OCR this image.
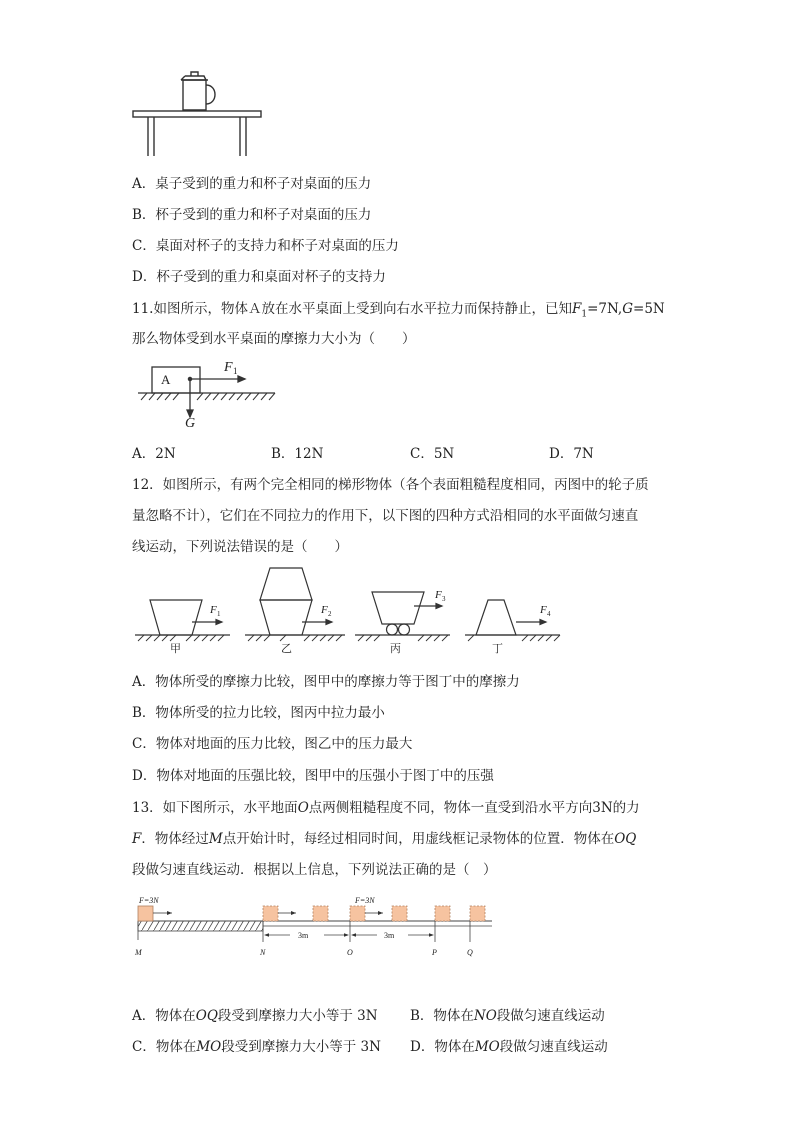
A．桌子受到的重力和杯子对桌面的压力
B．杯子受到的重力和杯子对桌面的压力
C．桌面对杯子的支持力和杯子对桌面的压力
D．杯子受到的重力和桌面对杯子的支持力
11.如图所示，物体Ａ放在水平桌面上受到向右水平拉力而保持静止，已知$F_1=7N,G=5N$
那么物体受到水平桌面的摩擦力大小为（　　）
A
F 1
G
A．2N	B．12N	C．5N	D．7N
12．如图所示，有两个完全相同的梯形物体（各个表面粗糙程度相同，丙图中的轮子质
量忽略不计），它们在不同拉力的作用下，以下图的四种方式沿相同的水平面做匀速直
线运动，下列说法错误的是（　　）
F 1	F 2
F 3
F 4
甲	乙	丙	丁
A．物体所受的摩擦力比较，图甲中的摩擦力等于图丁中的摩擦力
B．物体所受的拉力比较，图丙中拉力最小
C．物体对地面的压力比较，图乙中的压力最大
D．物体对地面的压强比较，图甲中的压强小于图丁中的压强
13．如下图所示，水平地面O点两侧粗糙程度不同，物体一直受到沿水平方向3N的力
F．物体经过M点开始计时，每经过相同时间，用虚线框记录物体的位置．物体在OQ
段做匀速直线运动．根据以上信息，下列说法正确的是（　）
F=3N	F=3N
3m	3m
M	N	O	P	Q
A．物体在OQ段受到摩擦力大小等于 3N B．物体在NO段做匀速直线运动
C．物体在MO段受到摩擦力大小等于 3N D．物体在MO段做匀速直线运动
